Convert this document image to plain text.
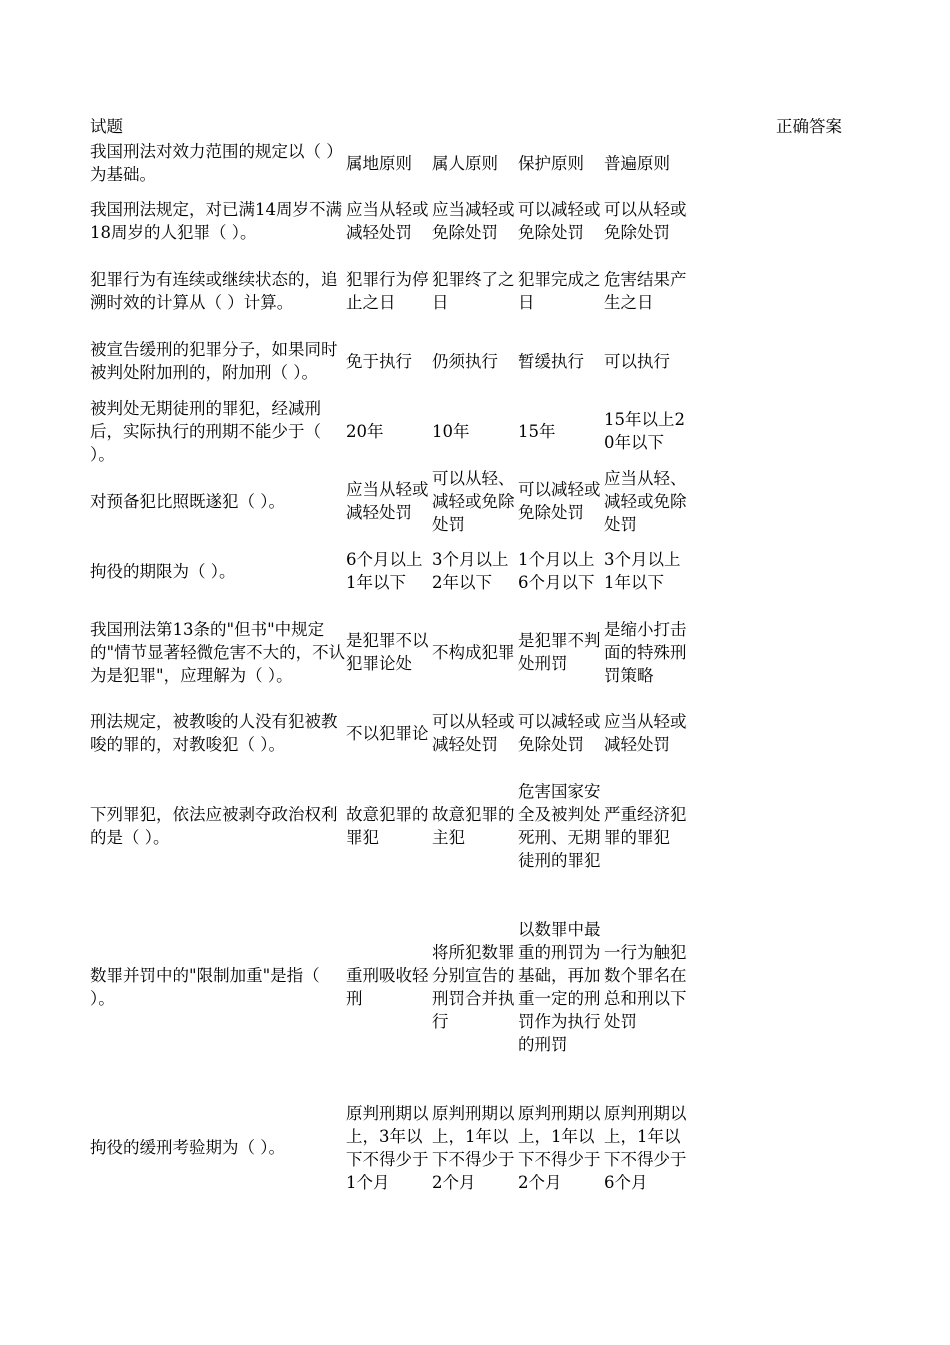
试题						正确答案
我国刑法对效力范围的规定以（ ）为基础。	属地原则	属人原则	保护原则	普遍原则		
我国刑法规定，对已满14周岁不满18周岁的人犯罪（ ）。	应当从轻或减轻处罚	应当减轻或免除处罚	可以减轻或免除处罚	可以从轻或免除处罚		
犯罪行为有连续或继续状态的，追溯时效的计算从（ ）计算。	犯罪行为停止之日	犯罪终了之日	犯罪完成之日	危害结果产生之日		
被宣告缓刑的犯罪分子，如果同时被判处附加刑的，附加刑（ ）。	免于执行	仍须执行	暂缓执行	可以执行		
被判处无期徒刑的罪犯，经减刑后，实际执行的刑期不能少于（ ）。	20年	10年	15年	15年以上20年以下		
对预备犯比照既遂犯（ ）。	应当从轻或减轻处罚	可以从轻、减轻或免除处罚	可以减轻或免除处罚	应当从轻、减轻或免除处罚		
拘役的期限为（ ）。	6个月以上1年以下	3个月以上2年以下	1个月以上6个月以下	3个月以上1年以下		
我国刑法第13条的"但书"中规定的"情节显著轻微危害不大的，不认为是犯罪"，应理解为（ ）。	是犯罪不以犯罪论处	不构成犯罪	是犯罪不判处刑罚	是缩小打击面的特殊刑罚策略		
刑法规定，被教唆的人没有犯被教唆的罪的，对教唆犯（ ）。	不以犯罪论	可以从轻或减轻处罚	可以减轻或免除处罚	应当从轻或减轻处罚		
下列罪犯，依法应被剥夺政治权利的是（ ）。	故意犯罪的罪犯	故意犯罪的主犯	危害国家安全及被判处死刑、无期徒刑的罪犯	严重经济犯罪的罪犯		
数罪并罚中的"限制加重"是指（ ）。	重刑吸收轻刑	将所犯数罪分别宣告的刑罚合并执行	以数罪中最重的刑罚为基础，再加重一定的刑罚作为执行的刑罚	一行为触犯数个罪名在总和刑以下处罚		
拘役的缓刑考验期为（ ）。	原判刑期以上，3年以下不得少于1个月	原判刑期以上，1年以下不得少于2个月	原判刑期以上，1年以下不得少于2个月	原判刑期以上，1年以下不得少于6个月		
